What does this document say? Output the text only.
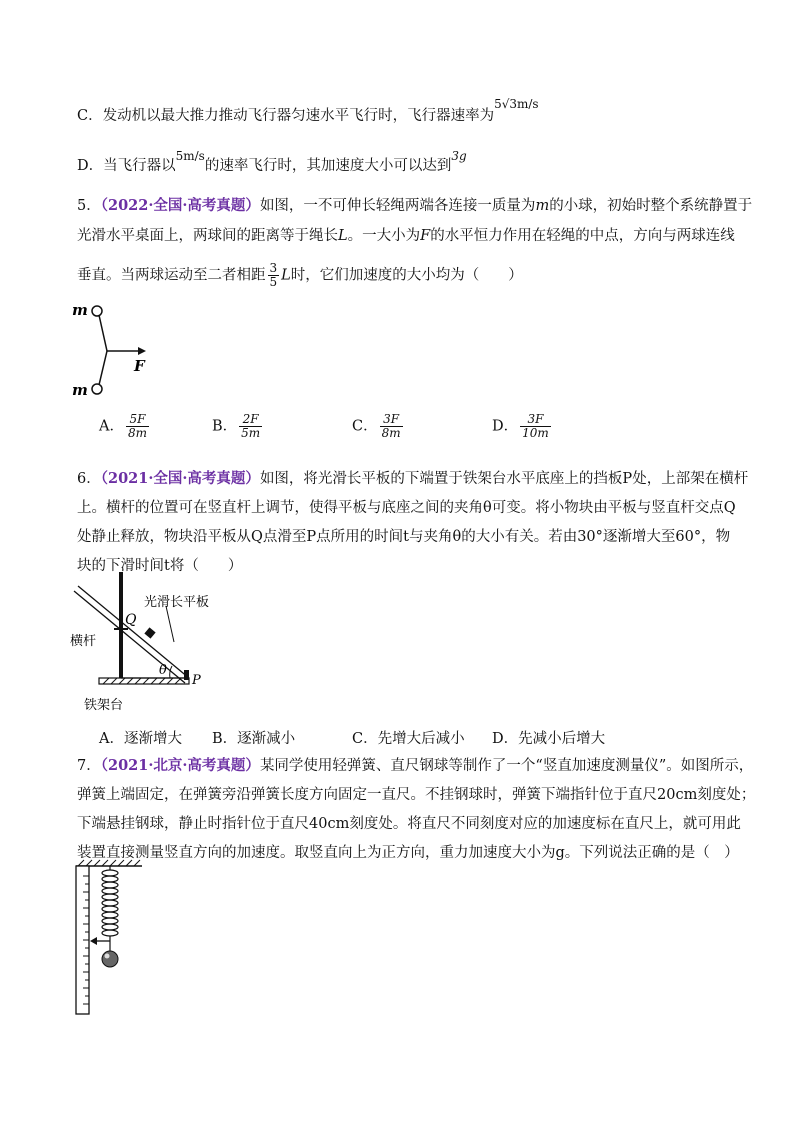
C．发动机以最大推力推动飞行器匀速水平飞行时，飞行器速率为$^{5√3m/s}$
D．当飞行器以$^{5m/s}$的速率飞行时，其加速度大小可以达到$^{3g}$
5．（2022·全国·高考真题）如图，一不可伸长轻绳两端各连接一质量为m的小球，初始时整个系统静置于
光滑水平桌面上，两球间的距离等于绳长L。一大小为F的水平恒力作用在轻绳的中点，方向与两球连线
垂直。当两球运动至二者相距 $\frac{3}{5}$ L时，它们加速度的大小均为（　　）
m
m
F
A． $\frac{5F}{8m}$	B． $\frac{2F}{5m}$	C． $\frac{3F}{8m}$	D． $\frac{3F}{10m}$
6．（2021·全国·高考真题）如图，将光滑长平板的下端置于铁架台水平底座上的挡板P处，上部架在横杆
上。横杆的位置可在竖直杆上调节，使得平板与底座之间的夹角θ可变。将小物块由平板与竖直杆交点Q
处静止释放，物块沿平板从Q点滑至P点所用的时间t与夹角θ的大小有关。若由30°逐渐增大至60°，物
块的下滑时间t将（　　）
Q
光滑长平板
横杆
θ
P
铁架台
A．逐渐增大 B．逐渐减小	C．先增大后减小 D．先减小后增大
7．（2021·北京·高考真题）某同学使用轻弹簧、直尺钢球等制作了一个“竖直加速度测量仪”。如图所示，
弹簧上端固定，在弹簧旁沿弹簧长度方向固定一直尺。不挂钢球时，弹簧下端指针位于直尺20cm刻度处；
下端悬挂钢球，静止时指针位于直尺40cm刻度处。将直尺不同刻度对应的加速度标在直尺上，就可用此
装置直接测量竖直方向的加速度。取竖直向上为正方向，重力加速度大小为g。下列说法正确的是（　）
